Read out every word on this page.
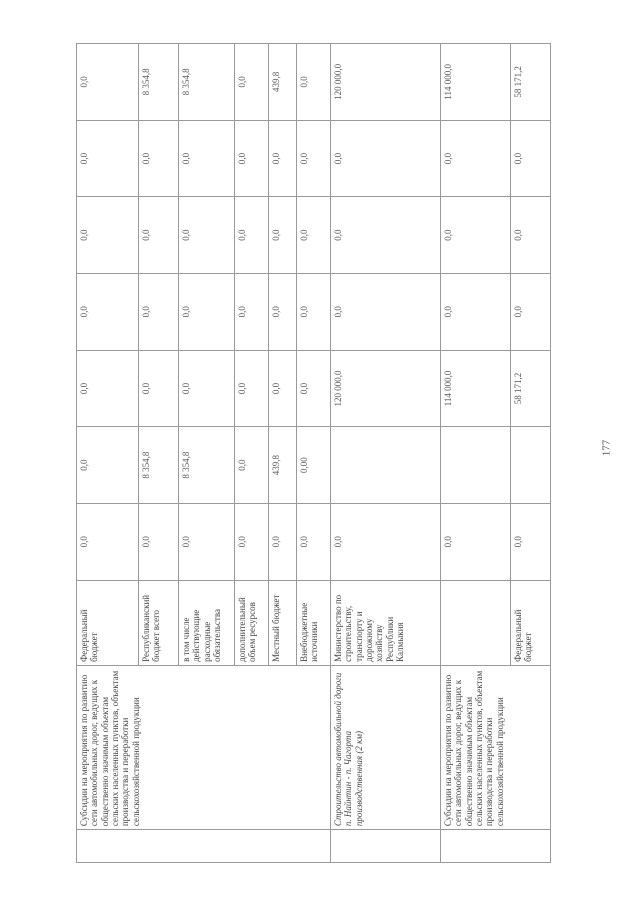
	Субсидии на мероприятия по развитию сети автомобильных дорог, ведущих к общественно значимым объектам сельских населенных пунктов, объектам производства и переработки сельскохозяйственной продукции	Федеральный бюджет	0,0	0,0	0,0	0,0	0,0	0,0	0,0
		Республиканский бюджет всего	0,0	8 354,8	0,0	0,0	0,0	0,0	8 354,8
		в том числе действующие расходные обязательства	0,0	8 354,8	0,0	0,0	0,0	0,0	8 354,8
		дополнительный объем ресурсов	0,0	0,0	0,0	0,0	0,0	0,0	0,0
		Местный бюджет	0,0	439,8	0,0	0,0	0,0	0,0	439,8
		Внебюджетные источники	0,0	0,00	0,0	0,0	0,0	0,0	0,0
	Строительство автомобильной дороги п. Найнтин - п. Чагорта производственная (2 км)	Министерство по строительству, транспорту и дорожному хозяйству Республики Калмыкия	0,0		120 000,0	0,0	0,0	0,0	120 000,0
	Субсидии на мероприятия по развитию сети автомобильных дорог, ведущих к общественно значимым объектам сельских населенных пунктов, объектам производства и переработки сельскохозяйственной продукции		0,0		114 000,0	0,0	0,0	0,0	114 000,0
		Федеральный бюджет	0,0		58 171,2	0,0	0,0	0,0	58 171,2
177
